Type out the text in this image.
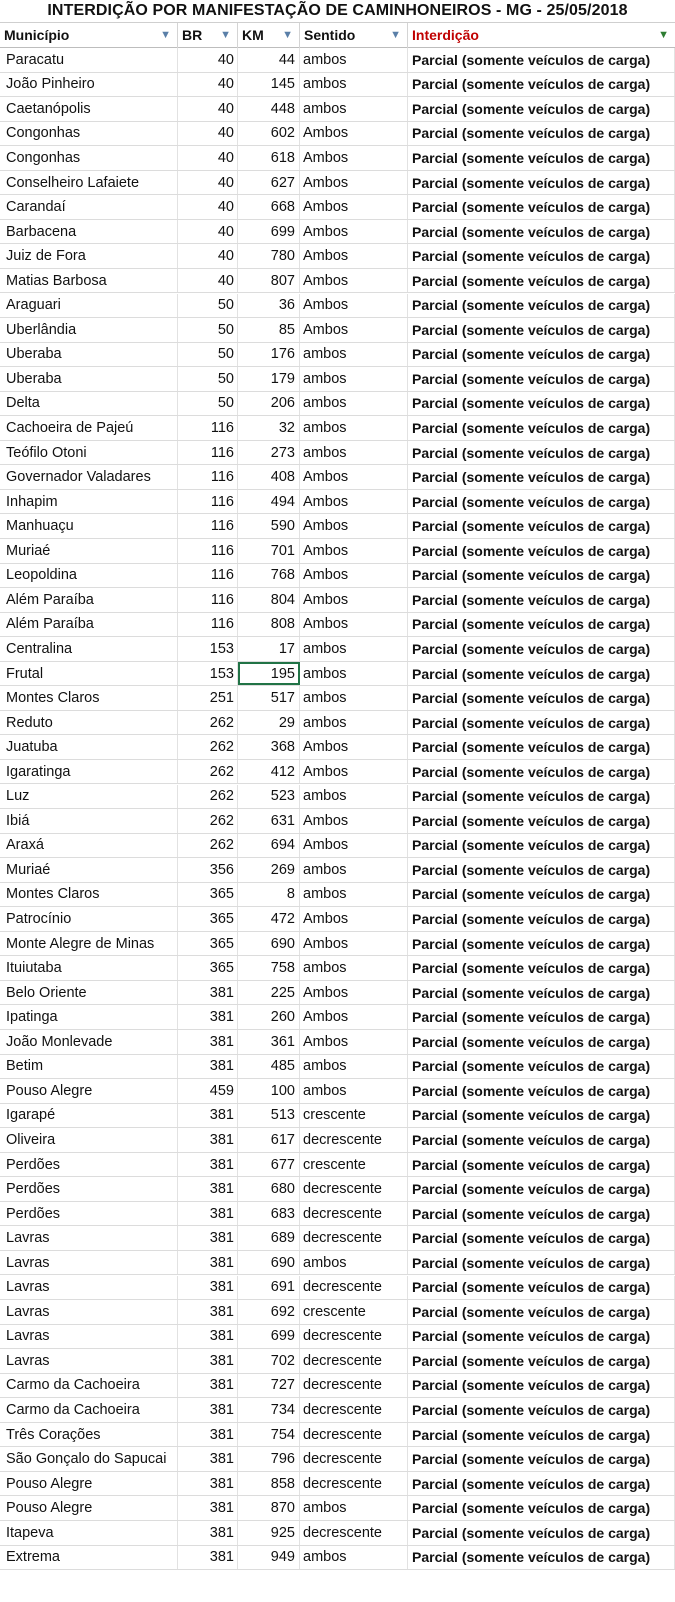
INTERDIÇÃO POR MANIFESTAÇÃO DE CAMINHONEIROS - MG - 25/05/2018
Município	▼ BR ▼ KM ▼ Sentido	▼ Interdição	▼
Paracatu	40	44 ambos	Parcial (somente veículos de carga)
João Pinheiro	40	145 ambos	Parcial (somente veículos de carga)
Caetanópolis	40	448 ambos	Parcial (somente veículos de carga)
Congonhas	40	602 Ambos	Parcial (somente veículos de carga)
Congonhas	40	618 Ambos	Parcial (somente veículos de carga)
Conselheiro Lafaiete	40	627 Ambos	Parcial (somente veículos de carga)
Carandaí	40	668 Ambos	Parcial (somente veículos de carga)
Barbacena	40	699 Ambos	Parcial (somente veículos de carga)
Juiz de Fora	40	780 Ambos	Parcial (somente veículos de carga)
Matias Barbosa	40	807 Ambos	Parcial (somente veículos de carga)
Araguari	50	36 Ambos	Parcial (somente veículos de carga)
Uberlândia	50	85 Ambos	Parcial (somente veículos de carga)
Uberaba	50	176 ambos	Parcial (somente veículos de carga)
Uberaba	50	179 ambos	Parcial (somente veículos de carga)
Delta	50	206 ambos	Parcial (somente veículos de carga)
Cachoeira de Pajeú	116	32 ambos	Parcial (somente veículos de carga)
Teófilo Otoni	116	273 ambos	Parcial (somente veículos de carga)
Governador Valadares	116	408 Ambos	Parcial (somente veículos de carga)
Inhapim	116	494 Ambos	Parcial (somente veículos de carga)
Manhuaçu	116	590 Ambos	Parcial (somente veículos de carga)
Muriaé	116	701 Ambos	Parcial (somente veículos de carga)
Leopoldina	116	768 Ambos	Parcial (somente veículos de carga)
Além Paraíba	116	804 Ambos	Parcial (somente veículos de carga)
Além Paraíba	116	808 Ambos	Parcial (somente veículos de carga)
Centralina	153	17 ambos	Parcial (somente veículos de carga)
Frutal	153	195 ambos	Parcial (somente veículos de carga)
Montes Claros	251	517 ambos	Parcial (somente veículos de carga)
Reduto	262	29 ambos	Parcial (somente veículos de carga)
Juatuba	262	368 Ambos	Parcial (somente veículos de carga)
Igaratinga	262	412 Ambos	Parcial (somente veículos de carga)
Luz	262	523 ambos	Parcial (somente veículos de carga)
Ibiá	262	631 Ambos	Parcial (somente veículos de carga)
Araxá	262	694 Ambos	Parcial (somente veículos de carga)
Muriaé	356	269 ambos	Parcial (somente veículos de carga)
Montes Claros	365	8 ambos	Parcial (somente veículos de carga)
Patrocínio	365	472 Ambos	Parcial (somente veículos de carga)
Monte Alegre de Minas	365	690 Ambos	Parcial (somente veículos de carga)
Ituiutaba	365	758 ambos	Parcial (somente veículos de carga)
Belo Oriente	381	225 Ambos	Parcial (somente veículos de carga)
Ipatinga	381	260 Ambos	Parcial (somente veículos de carga)
João Monlevade	381	361 Ambos	Parcial (somente veículos de carga)
Betim	381	485 ambos	Parcial (somente veículos de carga)
Pouso Alegre	459	100 ambos	Parcial (somente veículos de carga)
Igarapé	381	513 crescente	Parcial (somente veículos de carga)
Oliveira	381	617 decrescente	Parcial (somente veículos de carga)
Perdões	381	677 crescente	Parcial (somente veículos de carga)
Perdões	381	680 decrescente	Parcial (somente veículos de carga)
Perdões	381	683 decrescente	Parcial (somente veículos de carga)
Lavras	381	689 decrescente	Parcial (somente veículos de carga)
Lavras	381	690 ambos	Parcial (somente veículos de carga)
Lavras	381	691 decrescente	Parcial (somente veículos de carga)
Lavras	381	692 crescente	Parcial (somente veículos de carga)
Lavras	381	699 decrescente	Parcial (somente veículos de carga)
Lavras	381	702 decrescente	Parcial (somente veículos de carga)
Carmo da Cachoeira	381	727 decrescente	Parcial (somente veículos de carga)
Carmo da Cachoeira	381	734 decrescente	Parcial (somente veículos de carga)
Três Corações	381	754 decrescente	Parcial (somente veículos de carga)
São Gonçalo do Sapucai	381	796 decrescente	Parcial (somente veículos de carga)
Pouso Alegre	381	858 decrescente	Parcial (somente veículos de carga)
Pouso Alegre	381	870 ambos	Parcial (somente veículos de carga)
Itapeva	381	925 decrescente	Parcial (somente veículos de carga)
Extrema	381	949 ambos	Parcial (somente veículos de carga)
